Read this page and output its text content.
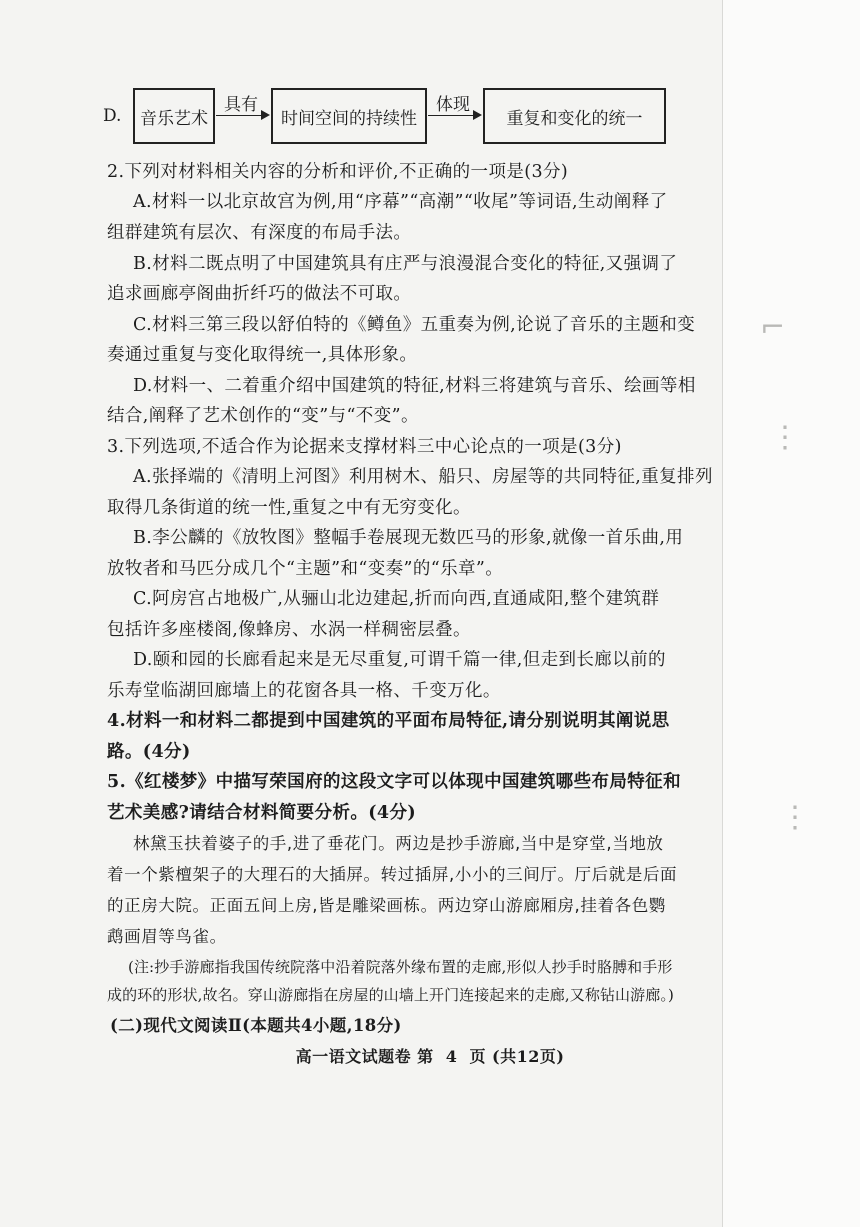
⌐
⋮
⋮
D. 音乐艺术
具有
时间空间的持续性
体现
重复和变化的统一
2.下列对材料相关内容的分析和评价,不正确的一项是(3分)
A.材料一以北京故宫为例,用“序幕”“高潮”“收尾”等词语,生动阐释了
组群建筑有层次、有深度的布局手法。
B.材料二既点明了中国建筑具有庄严与浪漫混合变化的特征,又强调了
追求画廊亭阁曲折纤巧的做法不可取。
C.材料三第三段以舒伯特的《鳟鱼》五重奏为例,论说了音乐的主题和变
奏通过重复与变化取得统一,具体形象。
D.材料一、二着重介绍中国建筑的特征,材料三将建筑与音乐、绘画等相
结合,阐释了艺术创作的“变”与“不变”。
3.下列选项,不适合作为论据来支撑材料三中心论点的一项是(3分)
A.张择端的《清明上河图》利用树木、船只、房屋等的共同特征,重复排列
取得几条街道的统一性,重复之中有无穷变化。
B.李公麟的《放牧图》整幅手卷展现无数匹马的形象,就像一首乐曲,用
放牧者和马匹分成几个“主题”和“变奏”的“乐章”。
C.阿房宫占地极广,从骊山北边建起,折而向西,直通咸阳,整个建筑群
包括许多座楼阁,像蜂房、水涡一样稠密层叠。
D.颐和园的长廊看起来是无尽重复,可谓千篇一律,但走到长廊以前的
乐寿堂临湖回廊墙上的花窗各具一格、千变万化。
4.材料一和材料二都提到中国建筑的平面布局特征,请分别说明其阐说思
路。(4分)
5.《红楼梦》中描写荣国府的这段文字可以体现中国建筑哪些布局特征和
艺术美感?请结合材料简要分析。(4分)
林黛玉扶着婆子的手,进了垂花门。两边是抄手游廊,当中是穿堂,当地放
着一个紫檀架子的大理石的大插屏。转过插屏,小小的三间厅。厅后就是后面
的正房大院。正面五间上房,皆是雕梁画栋。两边穿山游廊厢房,挂着各色鹦
鹉画眉等鸟雀。
(注:抄手游廊指我国传统院落中沿着院落外缘布置的走廊,形似人抄手时胳膊和手形
成的环的形状,故名。穿山游廊指在房屋的山墙上开门连接起来的走廊,又称钻山游廊。)
(二)现代文阅读Ⅱ(本题共4小题,18分)
高一语文试题卷 第 4 页 (共12页)
